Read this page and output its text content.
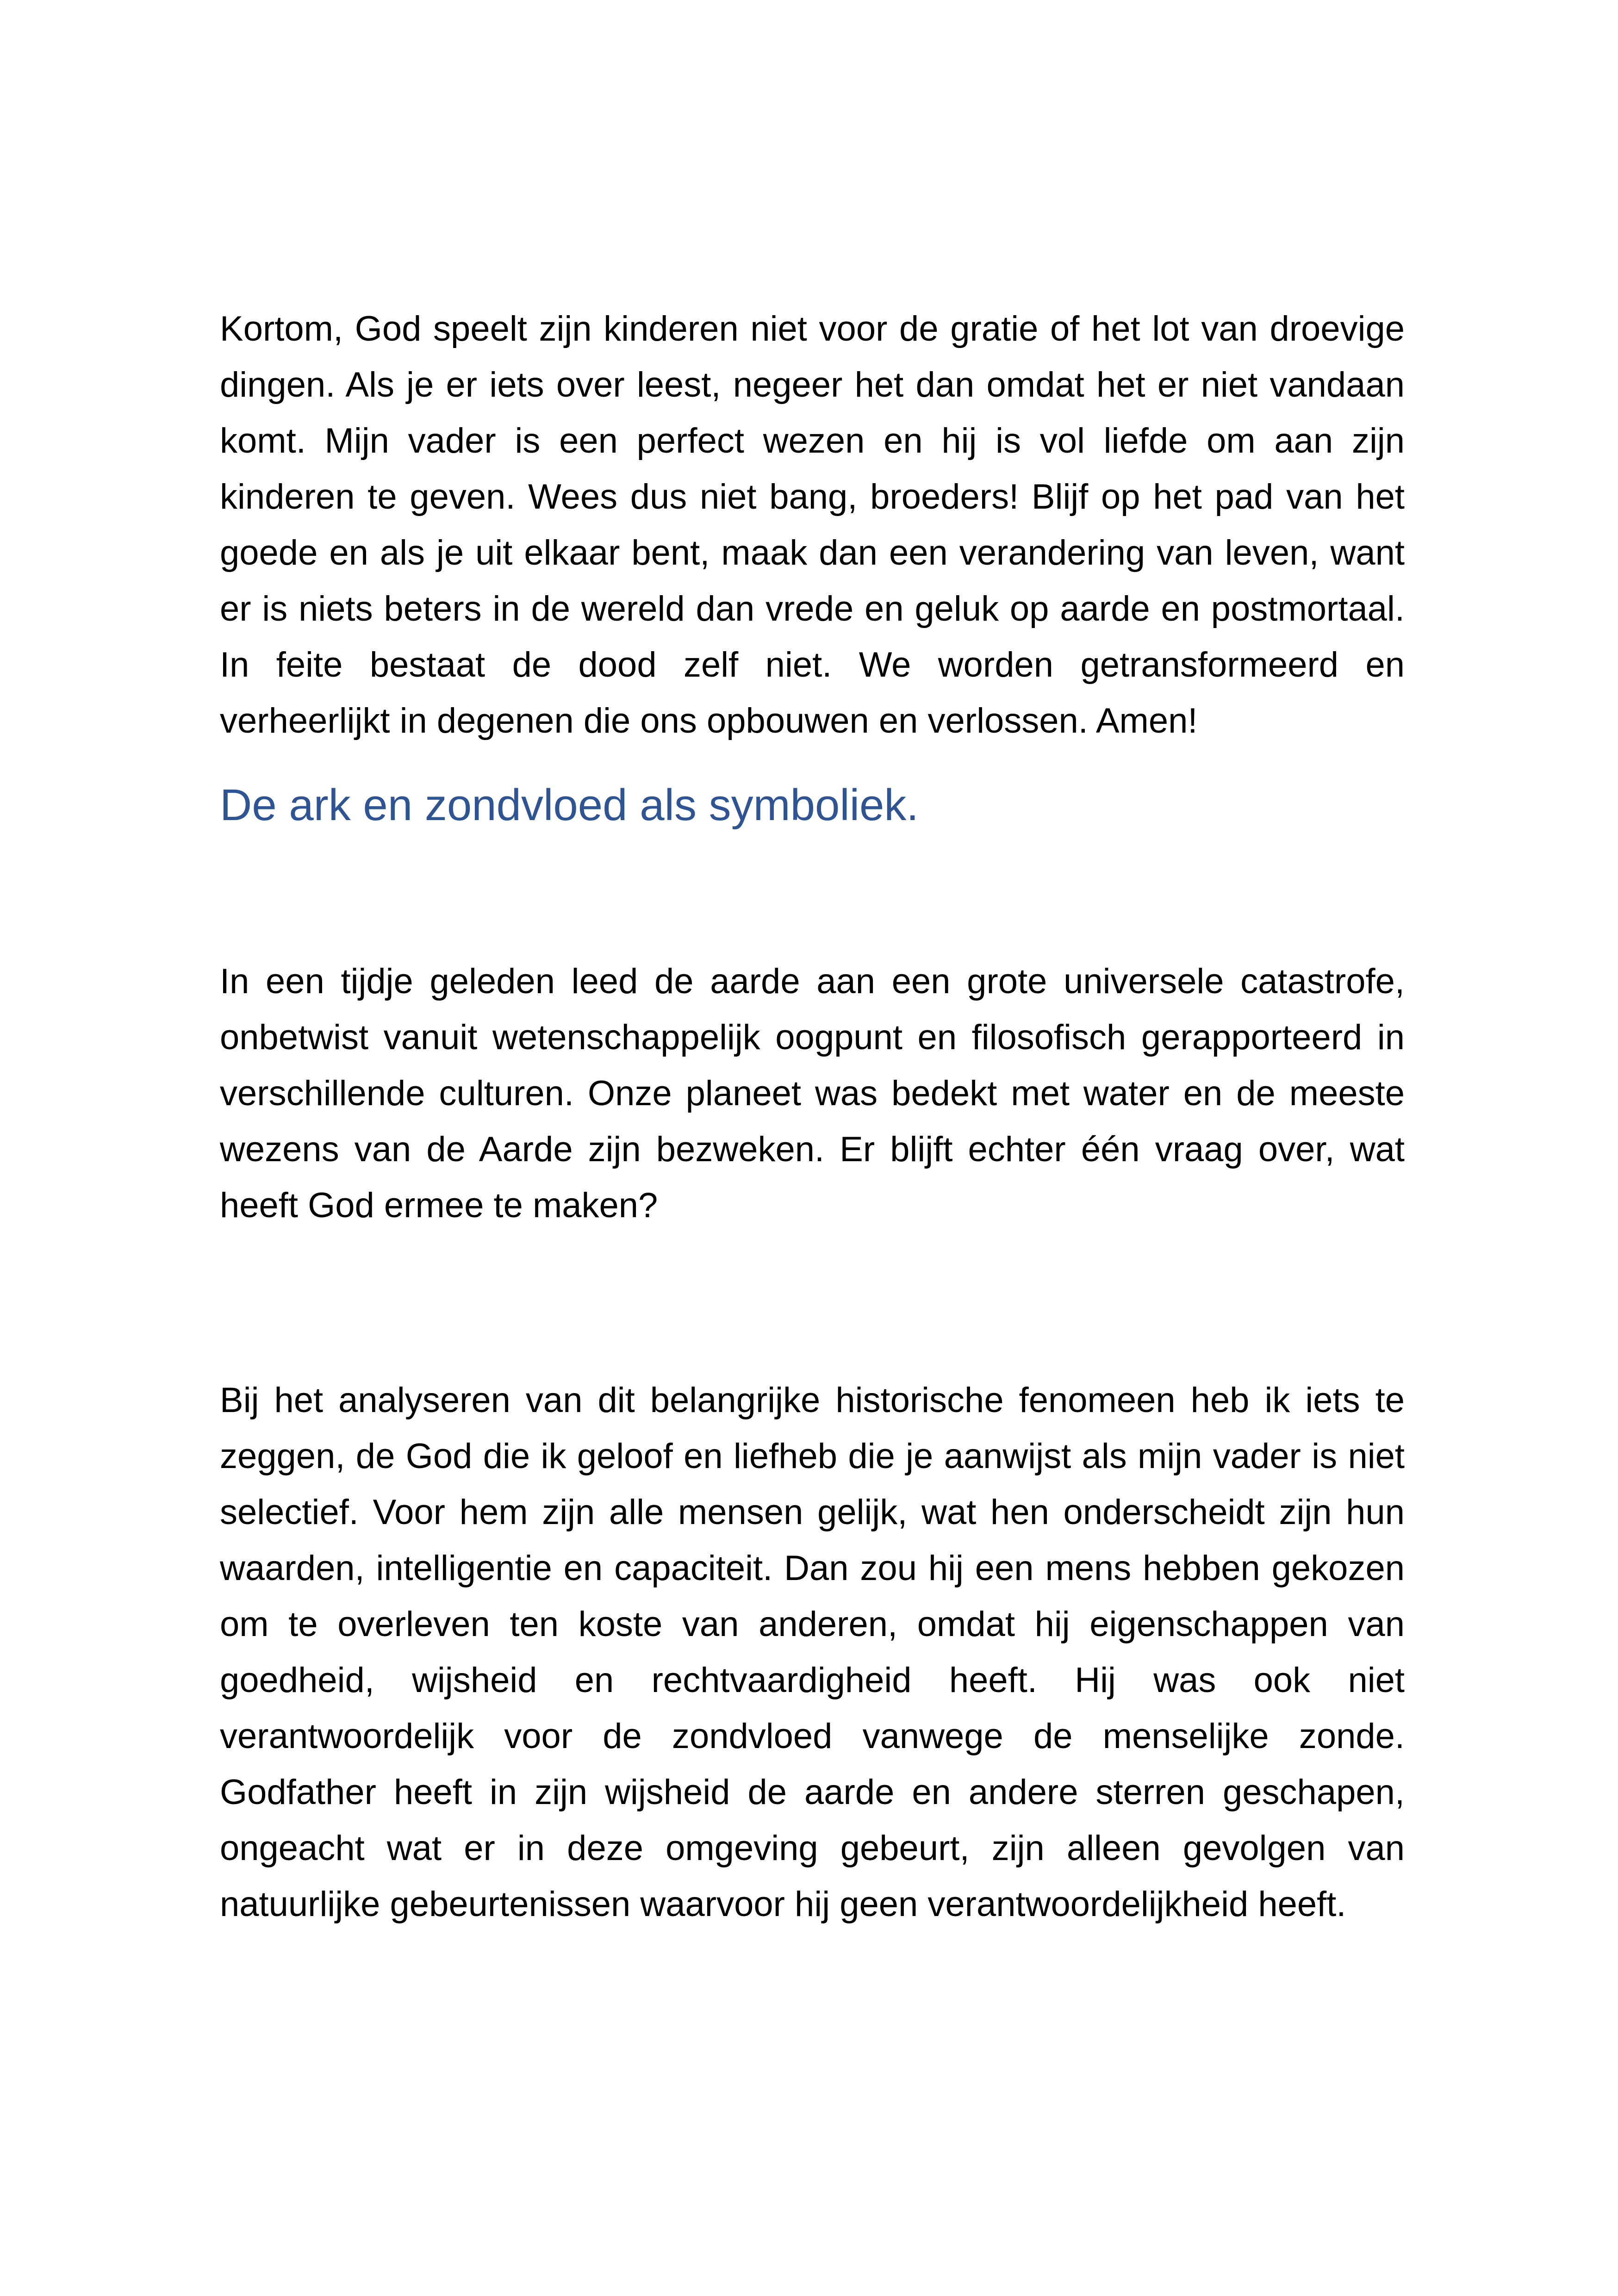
Kortom, God speelt zijn kinderen niet voor de gratie of het lot van droevige dingen. Als je er iets over leest, negeer het dan omdat het er niet vandaan komt. Mijn vader is een perfect wezen en hij is vol liefde om aan zijn kinderen te geven. Wees dus niet bang, broeders! Blijf op het pad van het goede en als je uit elkaar bent, maak dan een verandering van leven, want er is niets beters in de wereld dan vrede en geluk op aarde en postmortaal. In feite bestaat de dood zelf niet. We worden getransformeerd en verheerlijkt in degenen die ons opbouwen en verlossen. Amen!

De ark en zondvloed als symboliek.

In een tijdje geleden leed de aarde aan een grote universele catastrofe, onbetwist vanuit wetenschappelijk oogpunt en filosofisch gerapporteerd in verschillende culturen. Onze planeet was bedekt met water en de meeste wezens van de Aarde zijn bezweken. Er blijft echter één vraag over, wat heeft God ermee te maken?

Bij het analyseren van dit belangrijke historische fenomeen heb ik iets te zeggen, de God die ik geloof en liefheb die je aanwijst als mijn vader is niet selectief. Voor hem zijn alle mensen gelijk, wat hen onderscheidt zijn hun waarden, intelligentie en capaciteit. Dan zou hij een mens hebben gekozen om te overleven ten koste van anderen, omdat hij eigenschappen van goedheid, wijsheid en rechtvaardigheid heeft. Hij was ook niet verantwoordelijk voor de zondvloed vanwege de menselijke zonde. Godfather heeft in zijn wijsheid de aarde en andere sterren geschapen, ongeacht wat er in deze omgeving gebeurt, zijn alleen gevolgen van natuurlijke gebeurtenissen waarvoor hij geen verantwoordelijkheid heeft.
